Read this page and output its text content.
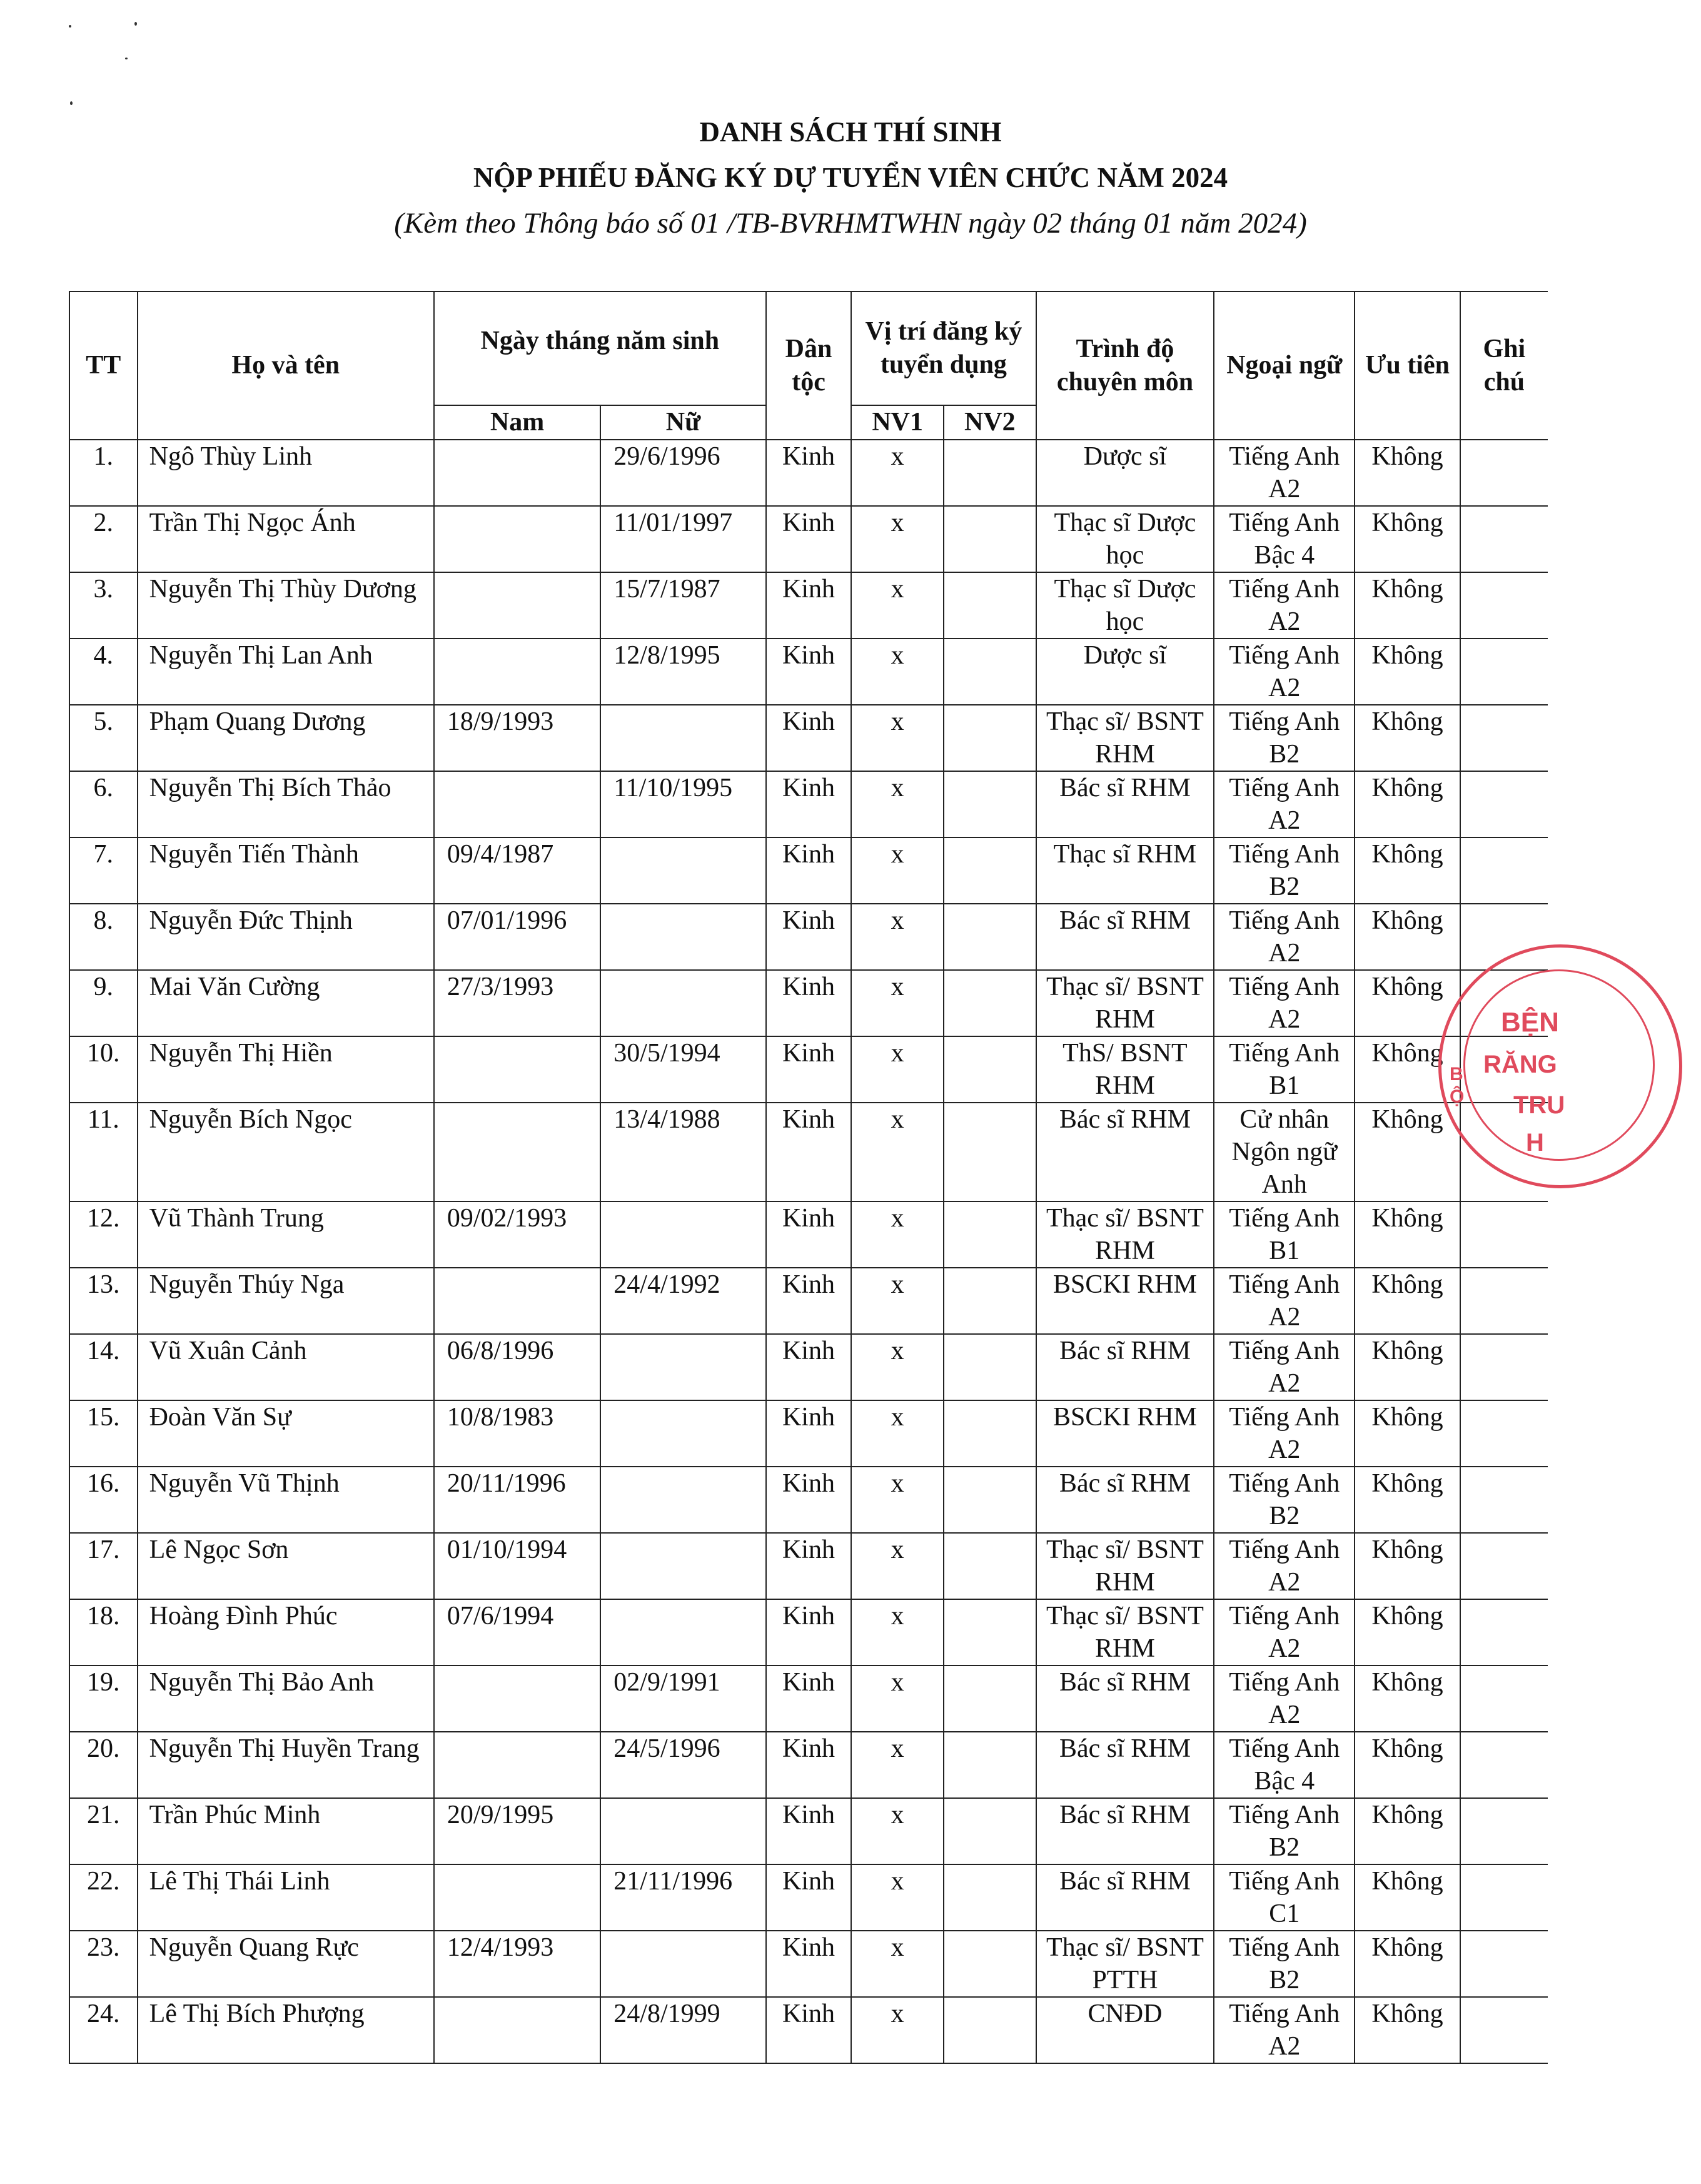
DANH SÁCH THÍ SINH
NỘP PHIẾU ĐĂNG KÝ DỰ TUYỂN VIÊN CHỨC NĂM 2024
(Kèm theo Thông báo số 01 /TB-BVRHMTWHN ngày 02 tháng 01 năm 2024)
TT	Họ và tên	Ngày tháng năm sinh		Dân tộc	Vị trí đăng ký tuyển dụng		Trình độ chuyên môn	Ngoại ngữ	Ưu tiên	Ghi chú
		Nam	Nữ		NV1	NV2				
1.	Ngô Thùy Linh		29/6/1996	Kinh	x		Dược sĩ	Tiếng Anh A2	Không	
2.	Trần Thị Ngọc Ánh		11/01/1997	Kinh	x		Thạc sĩ Dược học	Tiếng Anh Bậc 4	Không	
3.	Nguyễn Thị Thùy Dương		15/7/1987	Kinh	x		Thạc sĩ Dược học	Tiếng Anh A2	Không	
4.	Nguyễn Thị Lan Anh		12/8/1995	Kinh	x		Dược sĩ	Tiếng Anh A2	Không	
5.	Phạm Quang Dương	18/9/1993		Kinh	x		Thạc sĩ/ BSNT RHM	Tiếng Anh B2	Không	
6.	Nguyễn Thị Bích Thảo		11/10/1995	Kinh	x		Bác sĩ RHM	Tiếng Anh A2	Không	
7.	Nguyễn Tiến Thành	09/4/1987		Kinh	x		Thạc sĩ RHM	Tiếng Anh B2	Không	
8.	Nguyễn Đức Thịnh	07/01/1996		Kinh	x		Bác sĩ RHM	Tiếng Anh A2	Không	
9.	Mai Văn Cường	27/3/1993		Kinh	x		Thạc sĩ/ BSNT RHM	Tiếng Anh A2	Không	
10.	Nguyễn Thị Hiền		30/5/1994	Kinh	x		ThS/ BSNT RHM	Tiếng Anh B1	Không	
11.	Nguyễn Bích Ngọc		13/4/1988	Kinh	x		Bác sĩ RHM	Cử nhân Ngôn ngữ Anh	Không	
12.	Vũ Thành Trung	09/02/1993		Kinh	x		Thạc sĩ/ BSNT RHM	Tiếng Anh B1	Không	
13.	Nguyễn Thúy Nga		24/4/1992	Kinh	x		BSCKI RHM	Tiếng Anh A2	Không	
14.	Vũ Xuân Cảnh	06/8/1996		Kinh	x		Bác sĩ RHM	Tiếng Anh A2	Không	
15.	Đoàn Văn Sự	10/8/1983		Kinh	x		BSCKI RHM	Tiếng Anh A2	Không	
16.	Nguyễn Vũ Thịnh	20/11/1996		Kinh	x		Bác sĩ RHM	Tiếng Anh B2	Không	
17.	Lê Ngọc Sơn	01/10/1994		Kinh	x		Thạc sĩ/ BSNT RHM	Tiếng Anh A2	Không	
18.	Hoàng Đình Phúc	07/6/1994		Kinh	x		Thạc sĩ/ BSNT RHM	Tiếng Anh A2	Không	
19.	Nguyễn Thị Bảo Anh		02/9/1991	Kinh	x		Bác sĩ RHM	Tiếng Anh A2	Không	
20.	Nguyễn Thị Huyền Trang		24/5/1996	Kinh	x		Bác sĩ RHM	Tiếng Anh Bậc 4	Không	
21.	Trần Phúc Minh	20/9/1995		Kinh	x		Bác sĩ RHM	Tiếng Anh B2	Không	
22.	Lê Thị Thái Linh		21/11/1996	Kinh	x		Bác sĩ RHM	Tiếng Anh C1	Không	
23.	Nguyễn Quang Rực	12/4/1993		Kinh	x		Thạc sĩ/ BSNT PTTH	Tiếng Anh B2	Không	
24.	Lê Thị Bích Phượng		24/8/1999	Kinh	x		CNĐD	Tiếng Anh A2	Không	
BỆN
RĂNG
TRU
H
BỘ
